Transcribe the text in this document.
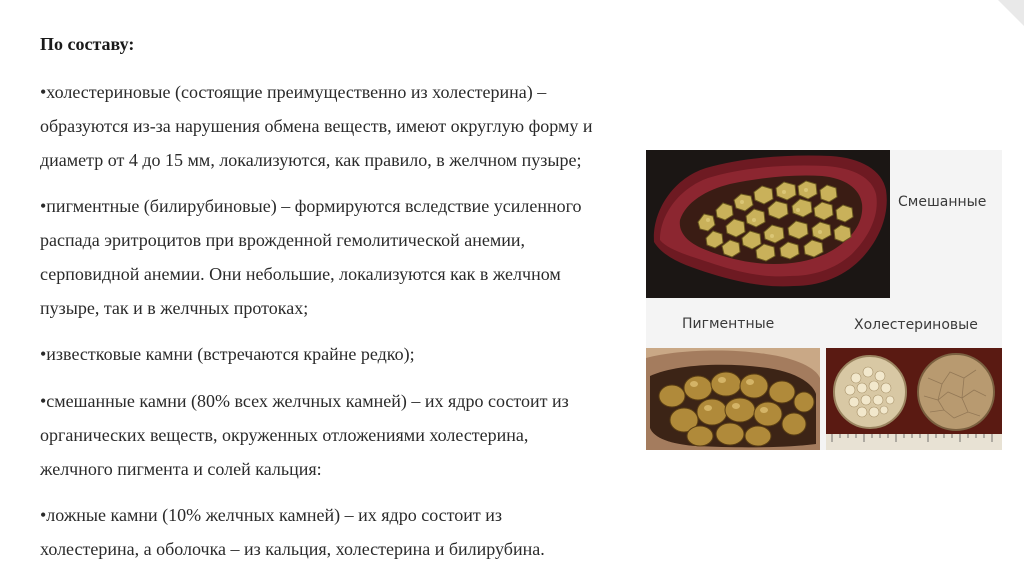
По составу:
•холестериновые (состоящие преимущественно из холестерина) –
образуются из-за нарушения обмена веществ, имеют округлую форму и
диаметр от 4 до 15 мм, локализуются, как правило, в желчном пузыре;
•пигментные (билирубиновые) – формируются вследствие усиленного
распада эритроцитов при врожденной гемолитической анемии,
серповидной анемии. Они небольшие, локализуются как в желчном
пузыре, так и в желчных протоках;
•известковые камни (встречаются крайне редко);
•смешанные камни (80% всех желчных камней) – их ядро состоит из
органических веществ, окруженных отложениями холестерина,
желчного пигмента и солей кальция:
•ложные камни (10% желчных камней) – их ядро состоит из
холестерина, а оболочка – из кальция, холестерина и билирубина.
Смешанные
Пигментные	Холестериновые
